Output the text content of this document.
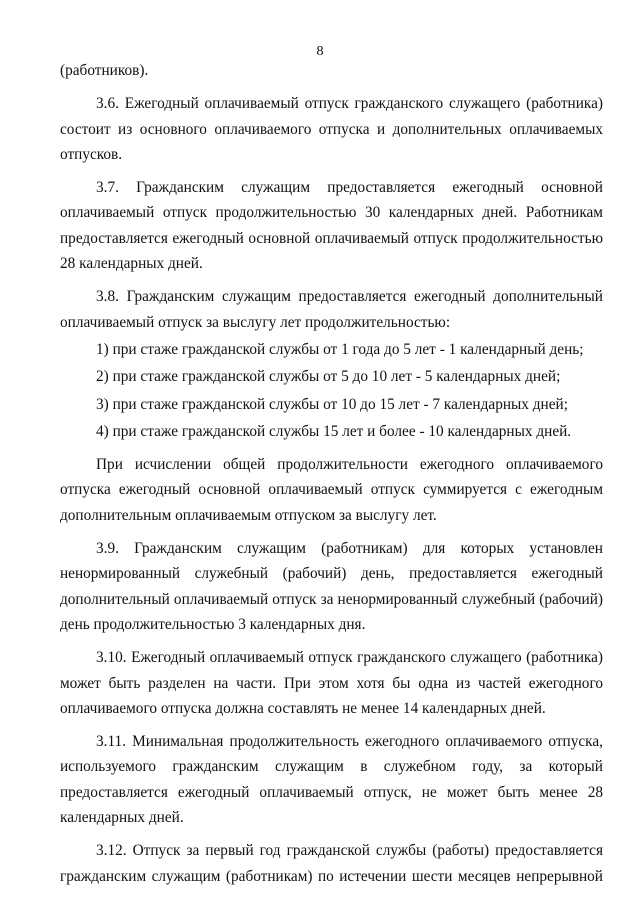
8

(работников).

3.6. Ежегодный оплачиваемый отпуск гражданского служащего (работника) состоит из основного оплачиваемого отпуска и дополнительных оплачиваемых отпусков.

3.7. Гражданским служащим предоставляется ежегодный основной оплачиваемый отпуск продолжительностью 30 календарных дней. Работникам предоставляется ежегодный основной оплачиваемый отпуск продолжительностью 28 календарных дней.

3.8. Гражданским служащим предоставляется ежегодный дополнительный оплачиваемый отпуск за выслугу лет продолжительностью:

1) при стаже гражданской службы от 1 года до 5 лет - 1 календарный день;

2) при стаже гражданской службы от 5 до 10 лет - 5 календарных дней;

3) при стаже гражданской службы от 10 до 15 лет - 7 календарных дней;

4) при стаже гражданской службы 15 лет и более - 10 календарных дней.

При исчислении общей продолжительности ежегодного оплачиваемого отпуска ежегодный основной оплачиваемый отпуск суммируется с ежегодным дополнительным оплачиваемым отпуском за выслугу лет.

3.9. Гражданским служащим (работникам) для которых установлен ненормированный служебный (рабочий) день, предоставляется ежегодный дополнительный оплачиваемый отпуск за ненормированный служебный (рабочий) день продолжительностью 3 календарных дня.

3.10. Ежегодный оплачиваемый отпуск гражданского служащего (работника) может быть разделен на части. При этом хотя бы одна из частей ежегодного оплачиваемого отпуска должна составлять не менее 14 календарных дней.

3.11. Минимальная продолжительность ежегодного оплачиваемого отпуска, используемого гражданским служащим в служебном году, за который предоставляется ежегодный оплачиваемый отпуск, не может быть менее 28 календарных дней.

3.12. Отпуск за первый год гражданской службы (работы) предоставляется гражданским служащим (работникам) по истечении шести месяцев непрерывной
